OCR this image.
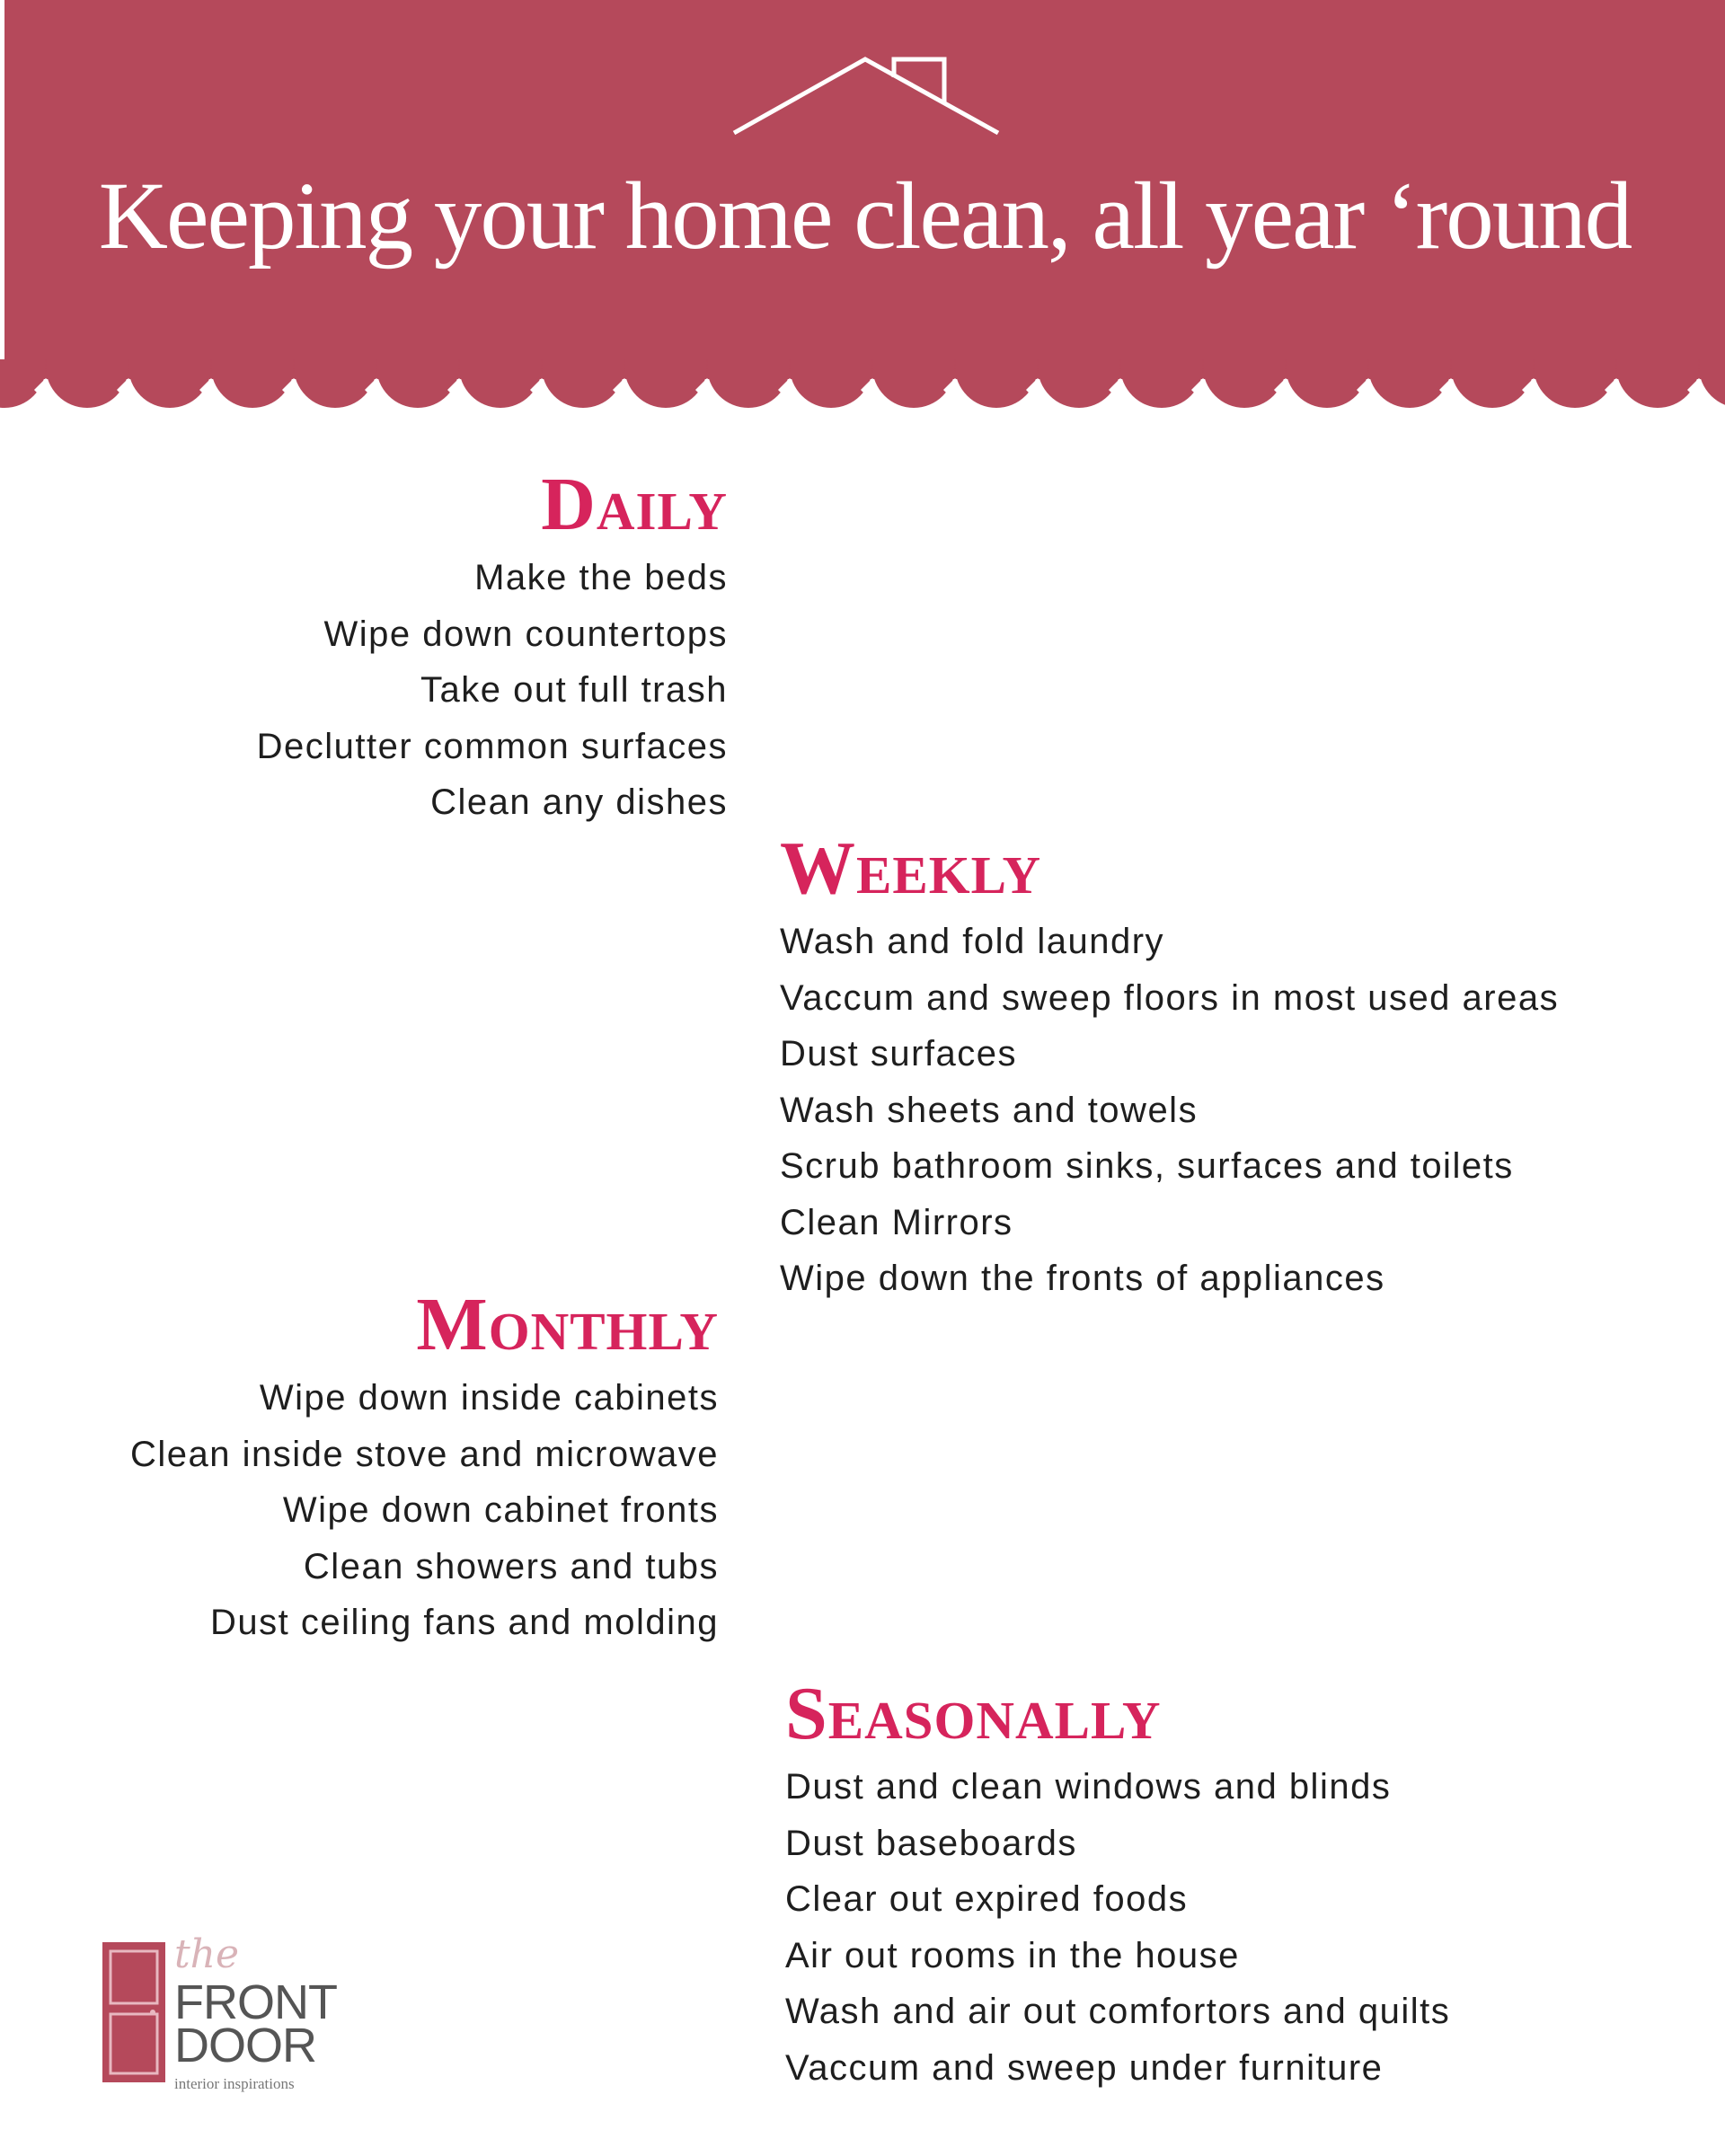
Keeping your home clean, all year ‘round
Daily
Make the beds
Wipe down countertops
Take out full trash
Declutter common surfaces
Clean any dishes
Weekly
Wash and fold laundry
Vaccum and sweep floors in most used areas
Dust surfaces
Wash sheets and towels
Scrub bathroom sinks, surfaces and toilets
Clean Mirrors
Wipe down the fronts of appliances
Monthly
Wipe down inside cabinets
Clean inside stove and microwave
Wipe down cabinet fronts
Clean showers and tubs
Dust ceiling fans and molding
Seasonally
Dust and clean windows and blinds
Dust baseboards
Clear out expired foods
Air out rooms in the house
Wash and air out comfortors and quilts
Vaccum and sweep under furniture
the
FRONT
DOOR
interior inspirations
